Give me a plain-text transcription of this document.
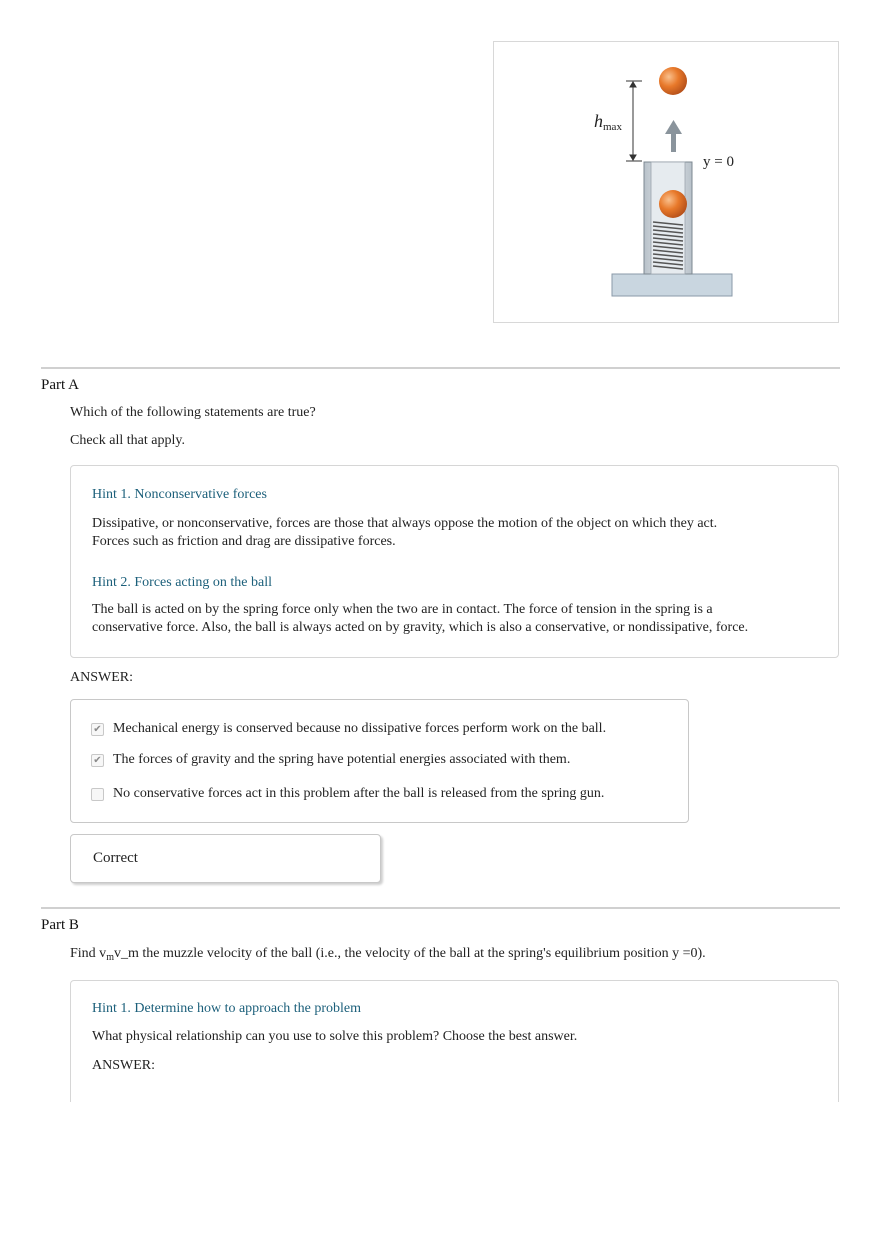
h max
y = 0
Part A
Which of the following statements are true?
Check all that apply.
Hint 1. Nonconservative forces
Dissipative, or nonconservative, forces are those that always oppose the motion of the object on which they act.
Forces such as friction and drag are dissipative forces.
Hint 2. Forces acting on the ball
The ball is acted on by the spring force only when the two are in contact. The force of tension in the spring is a
conservative force. Also, the ball is always acted on by gravity, which is also a conservative, or nondissipative, force.
ANSWER:
✔ Mechanical energy is conserved because no dissipative forces perform work on the ball.
✔ The forces of gravity and the spring have potential energies associated with them.
No conservative forces act in this problem after the ball is released from the spring gun.
Correct
Part B
Find $v_mv\_m$ the muzzle velocity of the ball (i.e., the velocity of the ball at the spring's equilibrium position y =0).
Hint 1. Determine how to approach the problem
What physical relationship can you use to solve this problem? Choose the best answer.
ANSWER:
